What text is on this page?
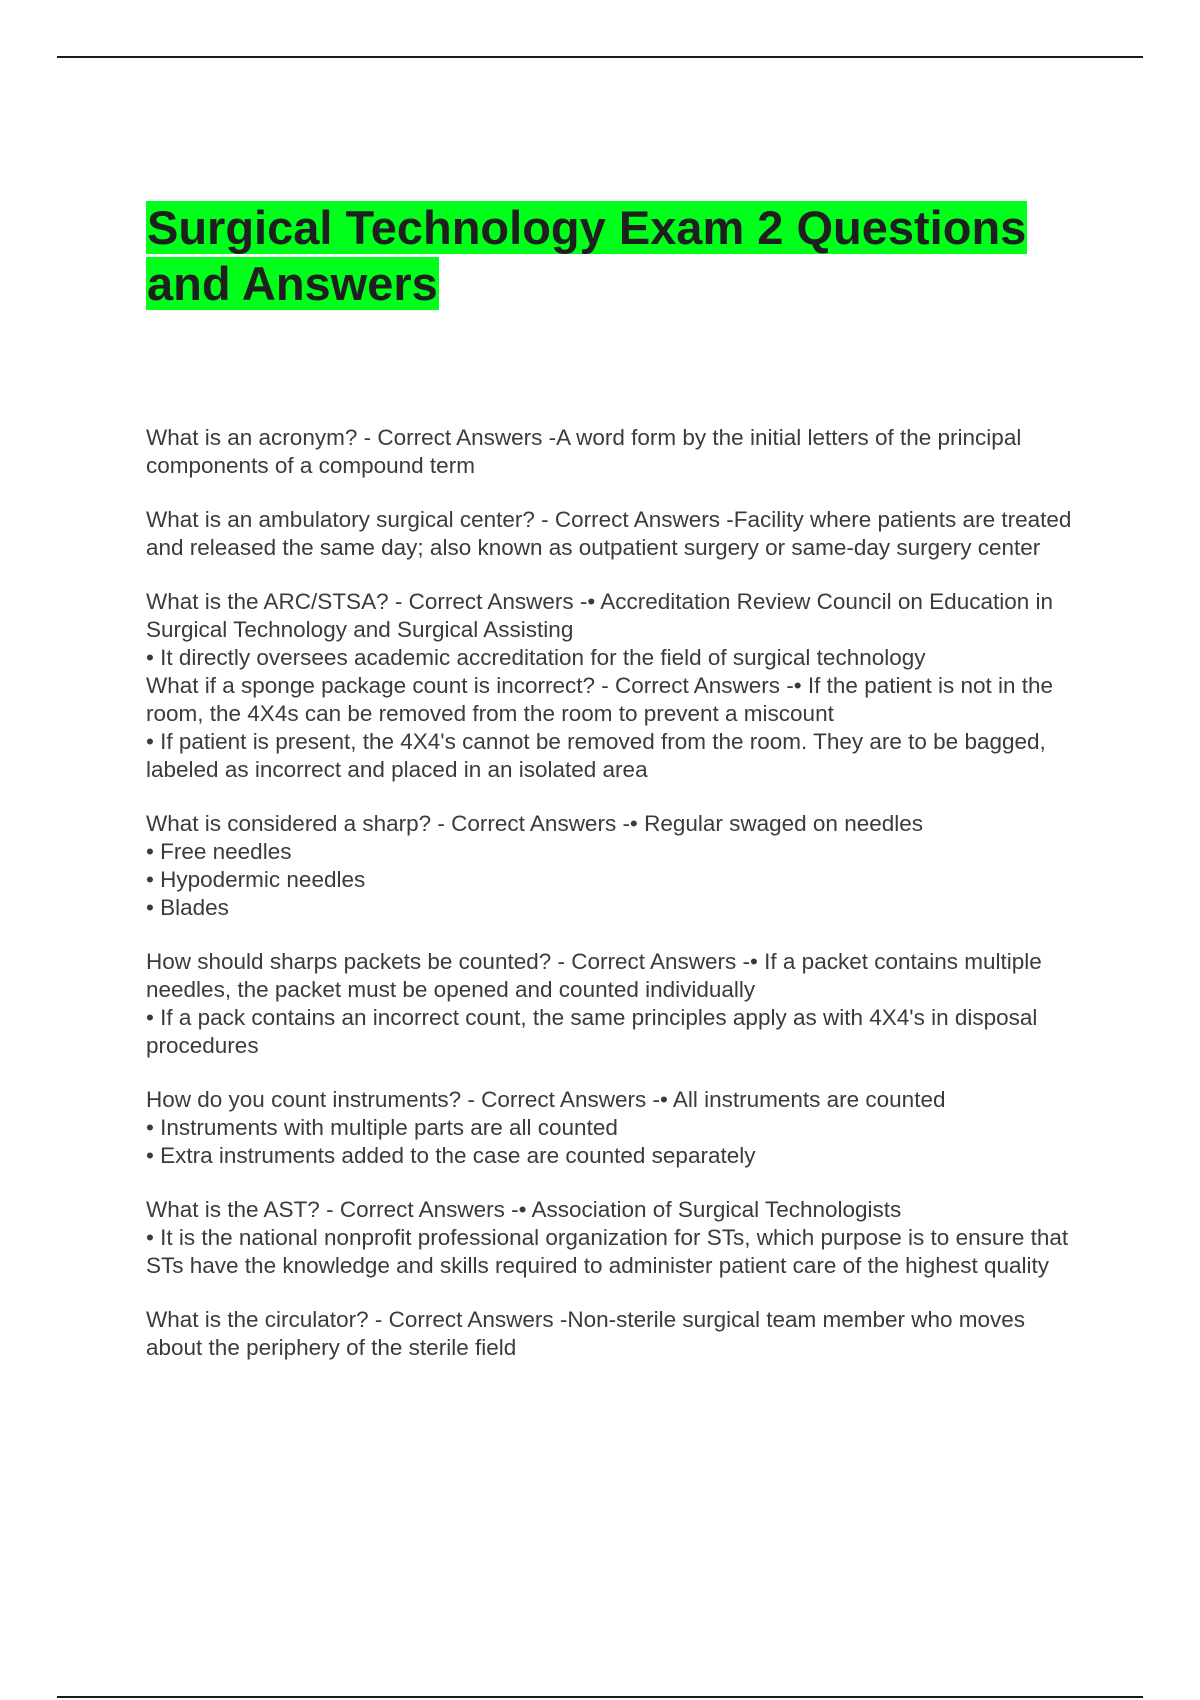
Surgical Technology Exam 2 Questions and Answers
What is an acronym? - Correct Answers -A word form by the initial letters of the principal components of a compound term
What is an ambulatory surgical center? - Correct Answers -Facility where patients are treated and released the same day; also known as outpatient surgery or same-day surgery center
What is the ARC/STSA? - Correct Answers -• Accreditation Review Council on Education in Surgical Technology and Surgical Assisting
• It directly oversees academic accreditation for the field of surgical technology
What if a sponge package count is incorrect? - Correct Answers -• If the patient is not in the room, the 4X4s can be removed from the room to prevent a miscount
• If patient is present, the 4X4's cannot be removed from the room. They are to be bagged, labeled as incorrect and placed in an isolated area
What is considered a sharp? - Correct Answers -• Regular swaged on needles
• Free needles
• Hypodermic needles
• Blades
How should sharps packets be counted? - Correct Answers -• If a packet contains multiple needles, the packet must be opened and counted individually
• If a pack contains an incorrect count, the same principles apply as with 4X4's in disposal procedures
How do you count instruments? - Correct Answers -• All instruments are counted
• Instruments with multiple parts are all counted
• Extra instruments added to the case are counted separately
What is the AST? - Correct Answers -• Association of Surgical Technologists
• It is the national nonprofit professional organization for STs, which purpose is to ensure that STs have the knowledge and skills required to administer patient care of the highest quality
What is the circulator? - Correct Answers -Non-sterile surgical team member who moves about the periphery of the sterile field
